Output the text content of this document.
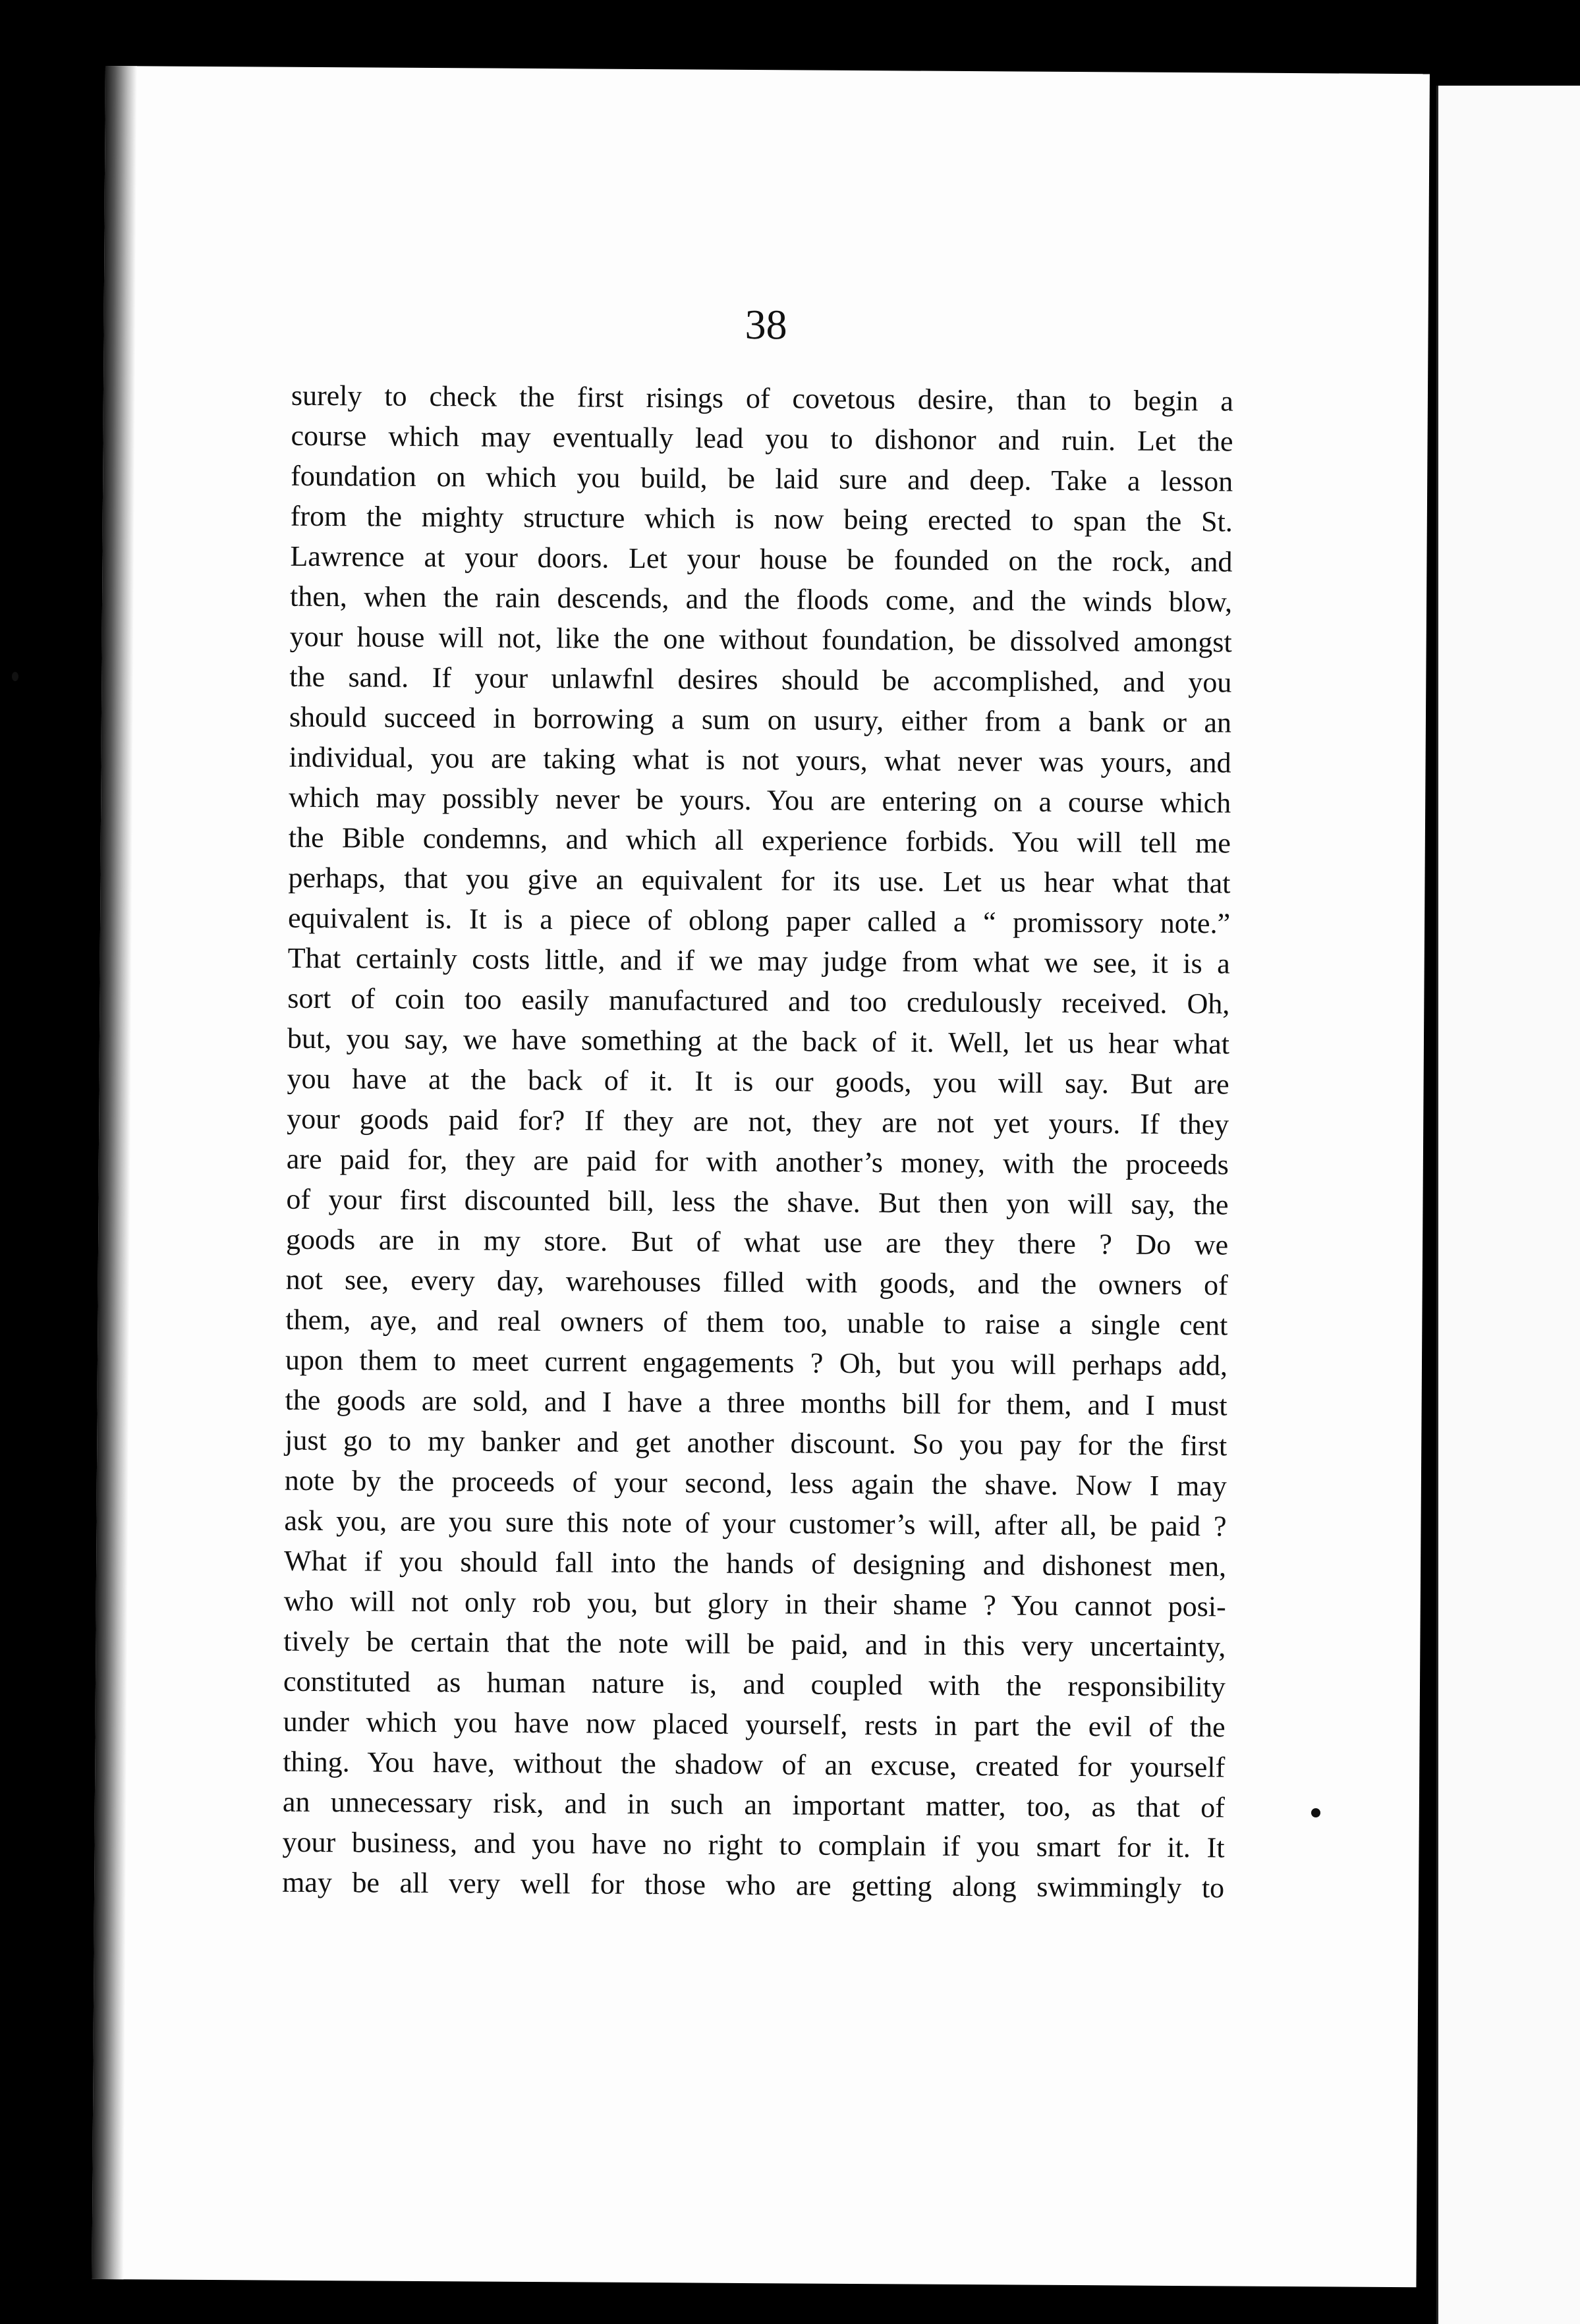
38
surely to check the first risings of covetous desire, than to begin a
course which may eventually lead you to dishonor and ruin. Let the
foundation on which you build, be laid sure and deep. Take a lesson
from the mighty structure which is now being erected to span the St.
Lawrence at your doors. Let your house be founded on the rock, and
then, when the rain descends, and the floods come, and the winds blow,
your house will not, like the one without foundation, be dissolved amongst
the sand. If your unlawfnl desires should be accomplished, and you
should succeed in borrowing a sum on usury, either from a bank or an
individual, you are taking what is not yours, what never was yours, and
which may possibly never be yours. You are entering on a course which
the Bible condemns, and which all experience forbids. You will tell me
perhaps, that you give an equivalent for its use. Let us hear what that
equivalent is. It is a piece of oblong paper called a “ promissory note.”
That certainly costs little, and if we may judge from what we see, it is a
sort of coin too easily manufactured and too credulously received. Oh,
but, you say, we have something at the back of it. Well, let us hear what
you have at the back of it. It is our goods, you will say. But are
your goods paid for? If they are not, they are not yet yours. If they
are paid for, they are paid for with another’s money, with the proceeds
of your first discounted bill, less the shave. But then yon will say, the
goods are in my store. But of what use are they there ? Do we
not see, every day, warehouses filled with goods, and the owners of
them, aye, and real owners of them too, unable to raise a single cent
upon them to meet current engagements ? Oh, but you will perhaps add,
the goods are sold, and I have a three months bill for them, and I must
just go to my banker and get another discount. So you pay for the first
note by the proceeds of your second, less again the shave. Now I may
ask you, are you sure this note of your customer’s will, after all, be paid ?
What if you should fall into the hands of designing and dishonest men,
who will not only rob you, but glory in their shame ? You cannot posi-
tively be certain that the note will be paid, and in this very uncertainty,
constituted as human nature is, and coupled with the responsibility
under which you have now placed yourself, rests in part the evil of the
thing. You have, without the shadow of an excuse, created for yourself
an unnecessary risk, and in such an important matter, too, as that of
your business, and you have no right to complain if you smart for it. It
may be all very well for those who are getting along swimmingly to
